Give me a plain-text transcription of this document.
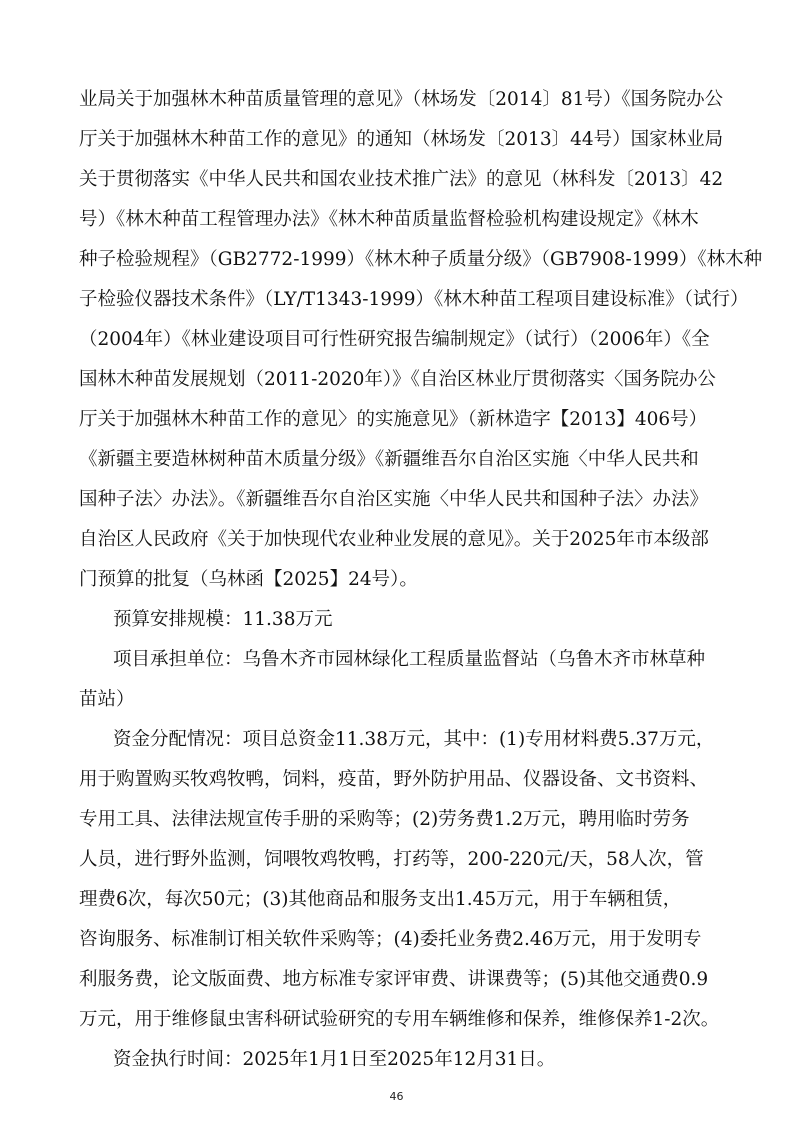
业局关于加强林木种苗质量管理的意见》（林场发〔2014〕81号）《国务院办公
厅关于加强林木种苗工作的意见》的通知（林场发〔2013〕44号）国家林业局
关于贯彻落实《中华人民共和国农业技术推广法》的意见（林科发〔2013〕42
号）《林木种苗工程管理办法》《林木种苗质量监督检验机构建设规定》《林木
种子检验规程》（GB2772-1999）《林木种子质量分级》（GB7908-1999）《林木种
子检验仪器技术条件》（LY/T1343-1999）《林木种苗工程项目建设标准》（试行）
（2004年）《林业建设项目可行性研究报告编制规定》（试行）（2006年）《全
国林木种苗发展规划（2011-2020年）》《自治区林业厅贯彻落实〈国务院办公
厅关于加强林木种苗工作的意见〉的实施意见》（新林造字【2013】406号）
《新疆主要造林树种苗木质量分级》《新疆维吾尔自治区实施〈中华人民共和
国种子法〉办法》。《新疆维吾尔自治区实施〈中华人民共和国种子法〉办法》
自治区人民政府《关于加快现代农业种业发展的意见》。关于2025年市本级部
门预算的批复（乌林函【2025】24号）。
预算安排规模：11.38万元
项目承担单位：乌鲁木齐市园林绿化工程质量监督站（乌鲁木齐市林草种
苗站）
资金分配情况：项目总资金11.38万元，其中：(1)专用材料费5.37万元，
用于购置购买牧鸡牧鸭，饲料，疫苗，野外防护用品、仪器设备、文书资料、
专用工具、法律法规宣传手册的采购等；(2)劳务费1.2万元，聘用临时劳务
人员，进行野外监测，饲喂牧鸡牧鸭，打药等，200-220元/天，58人次，管
理费6次，每次50元；(3)其他商品和服务支出1.45万元，用于车辆租赁，
咨询服务、标准制订相关软件采购等；(4)委托业务费2.46万元，用于发明专
利服务费，论文版面费、地方标准专家评审费、讲课费等；(5)其他交通费0.9
万元，用于维修鼠虫害科研试验研究的专用车辆维修和保养，维修保养1-2次。
资金执行时间：2025年1月1日至2025年12月31日。
46
